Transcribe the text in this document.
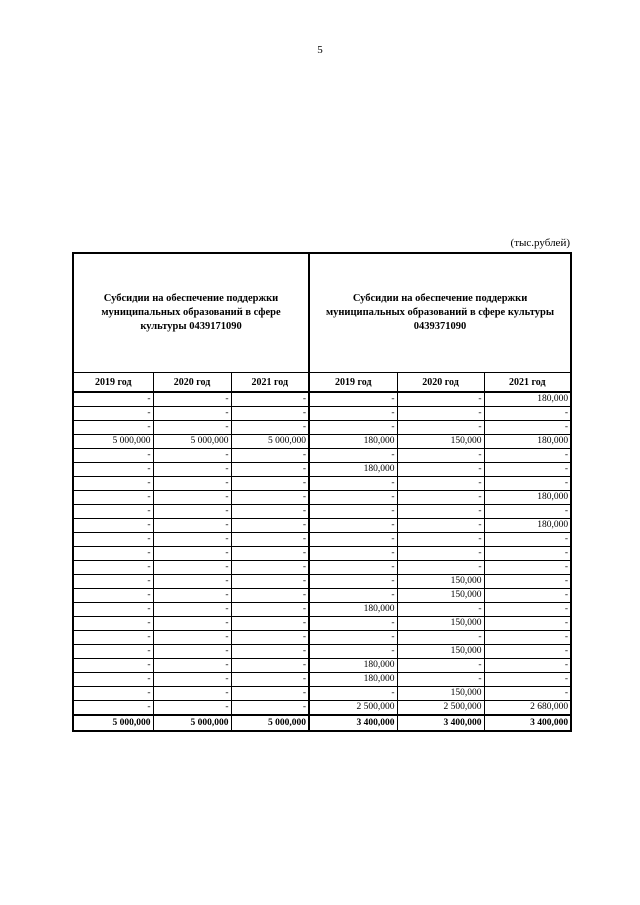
5
(тыс.рублей)
Субсидии на обеспечение поддержки муниципальных образований в сфере культуры 0439171090			Субсидии на обеспечение поддержки муниципальных образований в сфере культуры 0439371090		
2019 год	2020 год	2021 год	2019 год	2020 год	2021 год
-	-	-	-	-	180,000
-	-	-	-	-	-
-	-	-	-	-	-
5 000,000	5 000,000	5 000,000	180,000	150,000	180,000
-	-	-	-	-	-
-	-	-	180,000	-	-
-	-	-	-	-	-
-	-	-	-	-	180,000
-	-	-	-	-	-
-	-	-	-	-	180,000
-	-	-	-	-	-
-	-	-	-	-	-
-	-	-	-	-	-
-	-	-	-	150,000	-
-	-	-	-	150,000	-
-	-	-	180,000	-	-
-	-	-	-	150,000	-
-	-	-	-	-	-
-	-	-	-	150,000	-
-	-	-	180,000	-	-
-	-	-	180,000	-	-
-	-	-	-	150,000	-
-	-	-	2 500,000	2 500,000	2 680,000
5 000,000	5 000,000	5 000,000	3 400,000	3 400,000	3 400,000
